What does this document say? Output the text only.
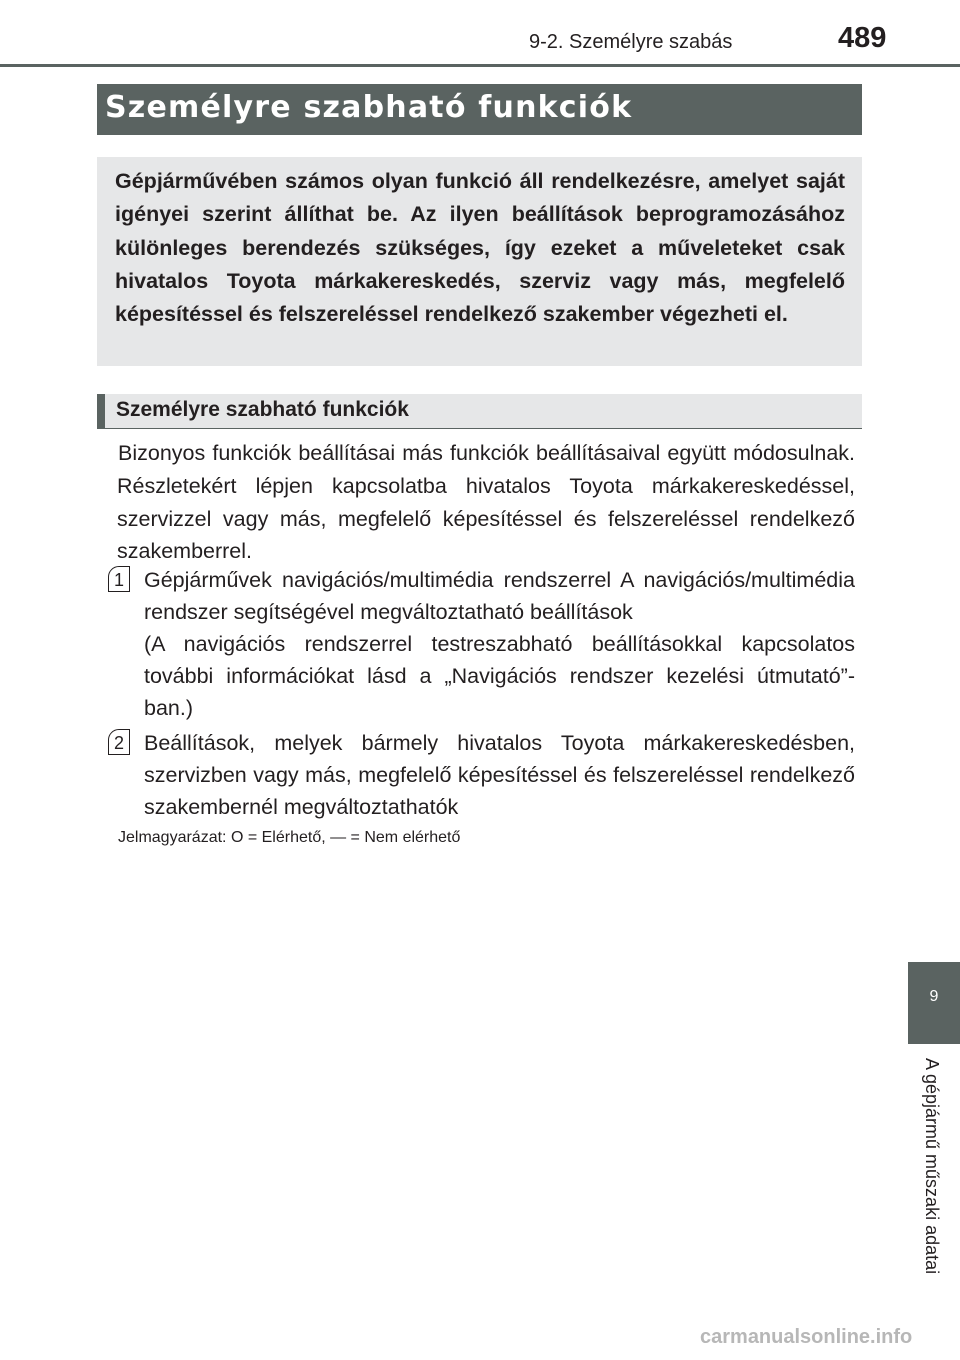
9-2. Személyre szabás	489
Személyre szabható funkciók
Gépjárművében számos olyan funkció áll rendelkezésre, amelyet saját igényei szerint állíthat be. Az ilyen beállítások beprogramozásához különleges berendezés szükséges, így ezeket a műveleteket csak hivatalos Toyota márkakereskedés, szerviz vagy más, megfelelő képesítéssel és felszereléssel rendelkező szakember végezheti el.
Személyre szabható funkciók
Bizonyos funkciók beállításai más funkciók beállításaival együtt módosulnak. Részletekért lépjen kapcsolatba hivatalos Toyota márkakereskedéssel, szervizzel vagy más, megfelelő képesítéssel és felszereléssel rendelkező szakemberrel.
1 Gépjárművek navigációs/multimédia rendszerrel A navigációs/multimédia rendszer segítségével megváltoztatható beállítások
(A navigációs rendszerrel testreszabható beállításokkal kapcsolatos további információkat lásd a „Navigációs rendszer kezelési útmutató”-ban.)
2 Beállítások, melyek bármely hivatalos Toyota márkakereskedésben, szervizben vagy más, megfelelő képesítéssel és felszereléssel rendelkező szakembernél megváltoztathatók
Jelmagyarázat: O = Elérhető, — = Nem elérhető
9
A gépjármű műszaki adatai
carmanualsonline.info
